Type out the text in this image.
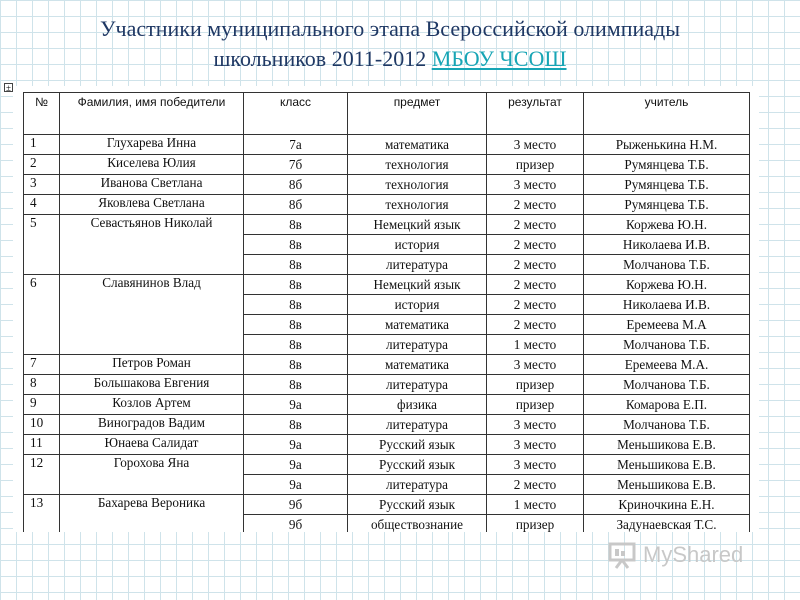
Участники муниципального этапа Всероссийской олимпиады
школьников 2011-2012 МБОУ ЧСОШ
±
№	Фамилия, имя победители	класс	предмет	результат	учитель
1	Глухарева Инна	7а	математика	3 место	Рыженькина Н.М.
2	Киселева Юлия	7б	технология	призер	Румянцева Т.Б.
3	Иванова Светлана	8б	технология	3 место	Румянцева Т.Б.
4	Яковлева Светлана	8б	технология	2 место	Румянцева Т.Б.
5	Севастьянов Николай	8в	Немецкий язык	2 место	Коржева Ю.Н.
		8в	история	2 место	Николаева И.В.
		8в	литература	2 место	Молчанова Т.Б.
6	Славянинов Влад	8в	Немецкий язык	2 место	Коржева Ю.Н.
		8в	история	2 место	Николаева И.В.
		8в	математика	2 место	Еремеева М.А
		8в	литература	1 место	Молчанова Т.Б.
7	Петров Роман	8в	математика	3 место	Еремеева М.А.
8	Большакова Евгения	8в	литература	призер	Молчанова Т.Б.
9	Козлов Артем	9а	физика	призер	Комарова Е.П.
10	Виноградов Вадим	8в	литература	3 место	Молчанова Т.Б.
11	Юнаева Салидат	9а	Русский язык	3 место	Меньшикова Е.В.
12	Горохова Яна	9а	Русский язык	3 место	Меньшикова Е.В.
		9а	литература	2 место	Меньшикова Е.В.
13	Бахарева Вероника	9б	Русский язык	1 место	Криночкина Е.Н.
		9б	обществознание	призер	Задунаевская Т.С.
MyShared
